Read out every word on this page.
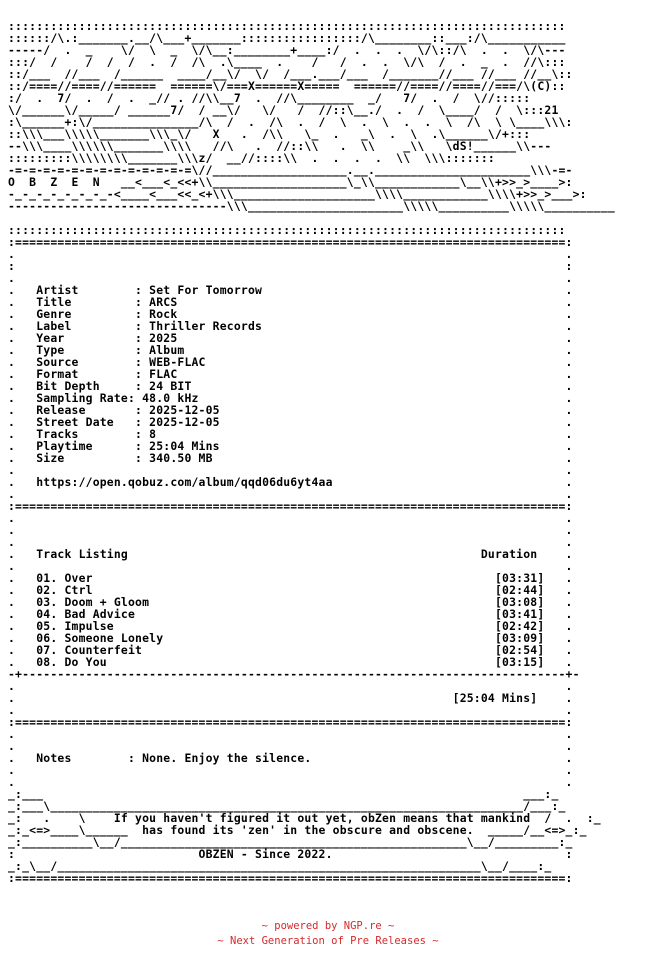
:::::::::::::::::::::::::::::::::::::::::::::::::::::::::::::::::::::::::::::::
::::::/\.:_______.__/\___+_______:::::::::::::::::/\________::___:/\___________
-----/  .  _    \/  \  _  \/\__:________+____:/  .  .  .  \/\::/\  .  .  \/\---
:::/  /    /  /  /  .  /  /\  .\____  .    /   /  .  .  \/\  /  .  _  .  //\:::
::/___  //___  /______  ____/__\/  \/  /___.___/___  /_______//___ //___ //__\::
::/====//====//======  ======\/===X======X=====  ======//====//====//===/\(C)::
:/  .  7/  .  /  .  _// . //\\__7  .  //\________  _/   7/  .  /  \//:::::
\/______\/_____/ ______7/  / __\/   \/   /  //::\__./  .  /  \____/  /  \:::21
:\______+:\/_______________/\  /  .  /\  .  /  \  .  \  .  .  \  /\  \ \____\\\:
::\\\___\\\\\_______\\\_\/   X   .  /\\   \_  .   _\  .  \  .\______\/+:::
--\\\____\\\\\\_______\\\\   //\   .  //::\\   .  \\    _\\   \dS!______\\---
:::::::::\\\\\\\\_______\\\z/  __//::::\\  .  .  .  .  \\  \\\:::::::
-=-=-=-=-=-=-=-=-=-=-=-=-=\//___________________.__.______________________\\\-=-
O  B  Z  E  N   __<___<_<<+\\___________________\_\\____________\__\\+>>_>____>:
-_-_-_-_-_-_-_-<____<___<<_<+\\\____________________\\\\____________\\\\+>>_>___>:
-------------------------------\\\______________________\\\\\__________\\\\\__________

:::::::::::::::::::::::::::::::::::::::::::::::::::::::::::::::::::::::::::::::
:==============================================================================:
.                                                                              .
:                                                                              :
.                                                                              .
.   Artist        : Set For Tomorrow                                           .
.   Title         : ARCS                                                       .
.   Genre         : Rock                                                       .
.   Label         : Thriller Records                                           .
.   Year          : 2025                                                       .
.   Type          : Album                                                      .
.   Source        : WEB-FLAC                                                   .
.   Format        : FLAC                                                       .
.   Bit Depth     : 24 BIT                                                     .
.   Sampling Rate: 48.0 kHz                                                    .
.   Release       : 2025-12-05                                                 .
.   Street Date   : 2025-12-05                                                 .
.   Tracks        : 8                                                          .
.   Playtime      : 25:04 Mins                                                 .
.   Size          : 340.50 MB                                                  .
.                                                                              .
.   https://open.qobuz.com/album/qqd06du6yt4aa                                 .
.                                                                              .
:==============================================================================:
.                                                                              .
.                                                                              .
.                                                                              .
.   Track Listing                                                  Duration    .
.                                                                              .
.   01. Over                                                         [03:31]   .
.   02. Ctrl                                                         [02:44]   .
.   03. Doom + Gloom                                                 [03:08]   .
.   04. Bad Advice                                                   [03:41]   .
.   05. Impulse                                                      [02:42]   .
.   06. Someone Lonely                                               [03:09]   .
.   07. Counterfeit                                                  [02:54]   .
.   08. Do You                                                       [03:15]   .
-+-----------------------------------------------------------------------------+-
.                                                                              .
.                                                              [25:04 Mins]    .
.                                                                              .
:==============================================================================:
.                                                                              .
.                                                                              .
.   Notes        : None. Enjoy the silence.                                    .
.                                                                              .
.                                                                              .
_:___                                                                    ___:_
_:___\___________________________________________________________________/___:_
_:   .    \    If you haven't figured it out yet, obZen means that mankind  /  .  :_
_:_<=>____\______  has found its 'zen' in the obscure and obscene.  _____/__<=>_:_
_:__________\__/_________________________________________________\__/_________:_
:                          OBZEN - Since 2022.                                 :
_:_\__/____________________________________________________________\__/____:_
:==============================================================================:

~ powered by NGP.re ~
~ Next Generation of Pre Releases ~
